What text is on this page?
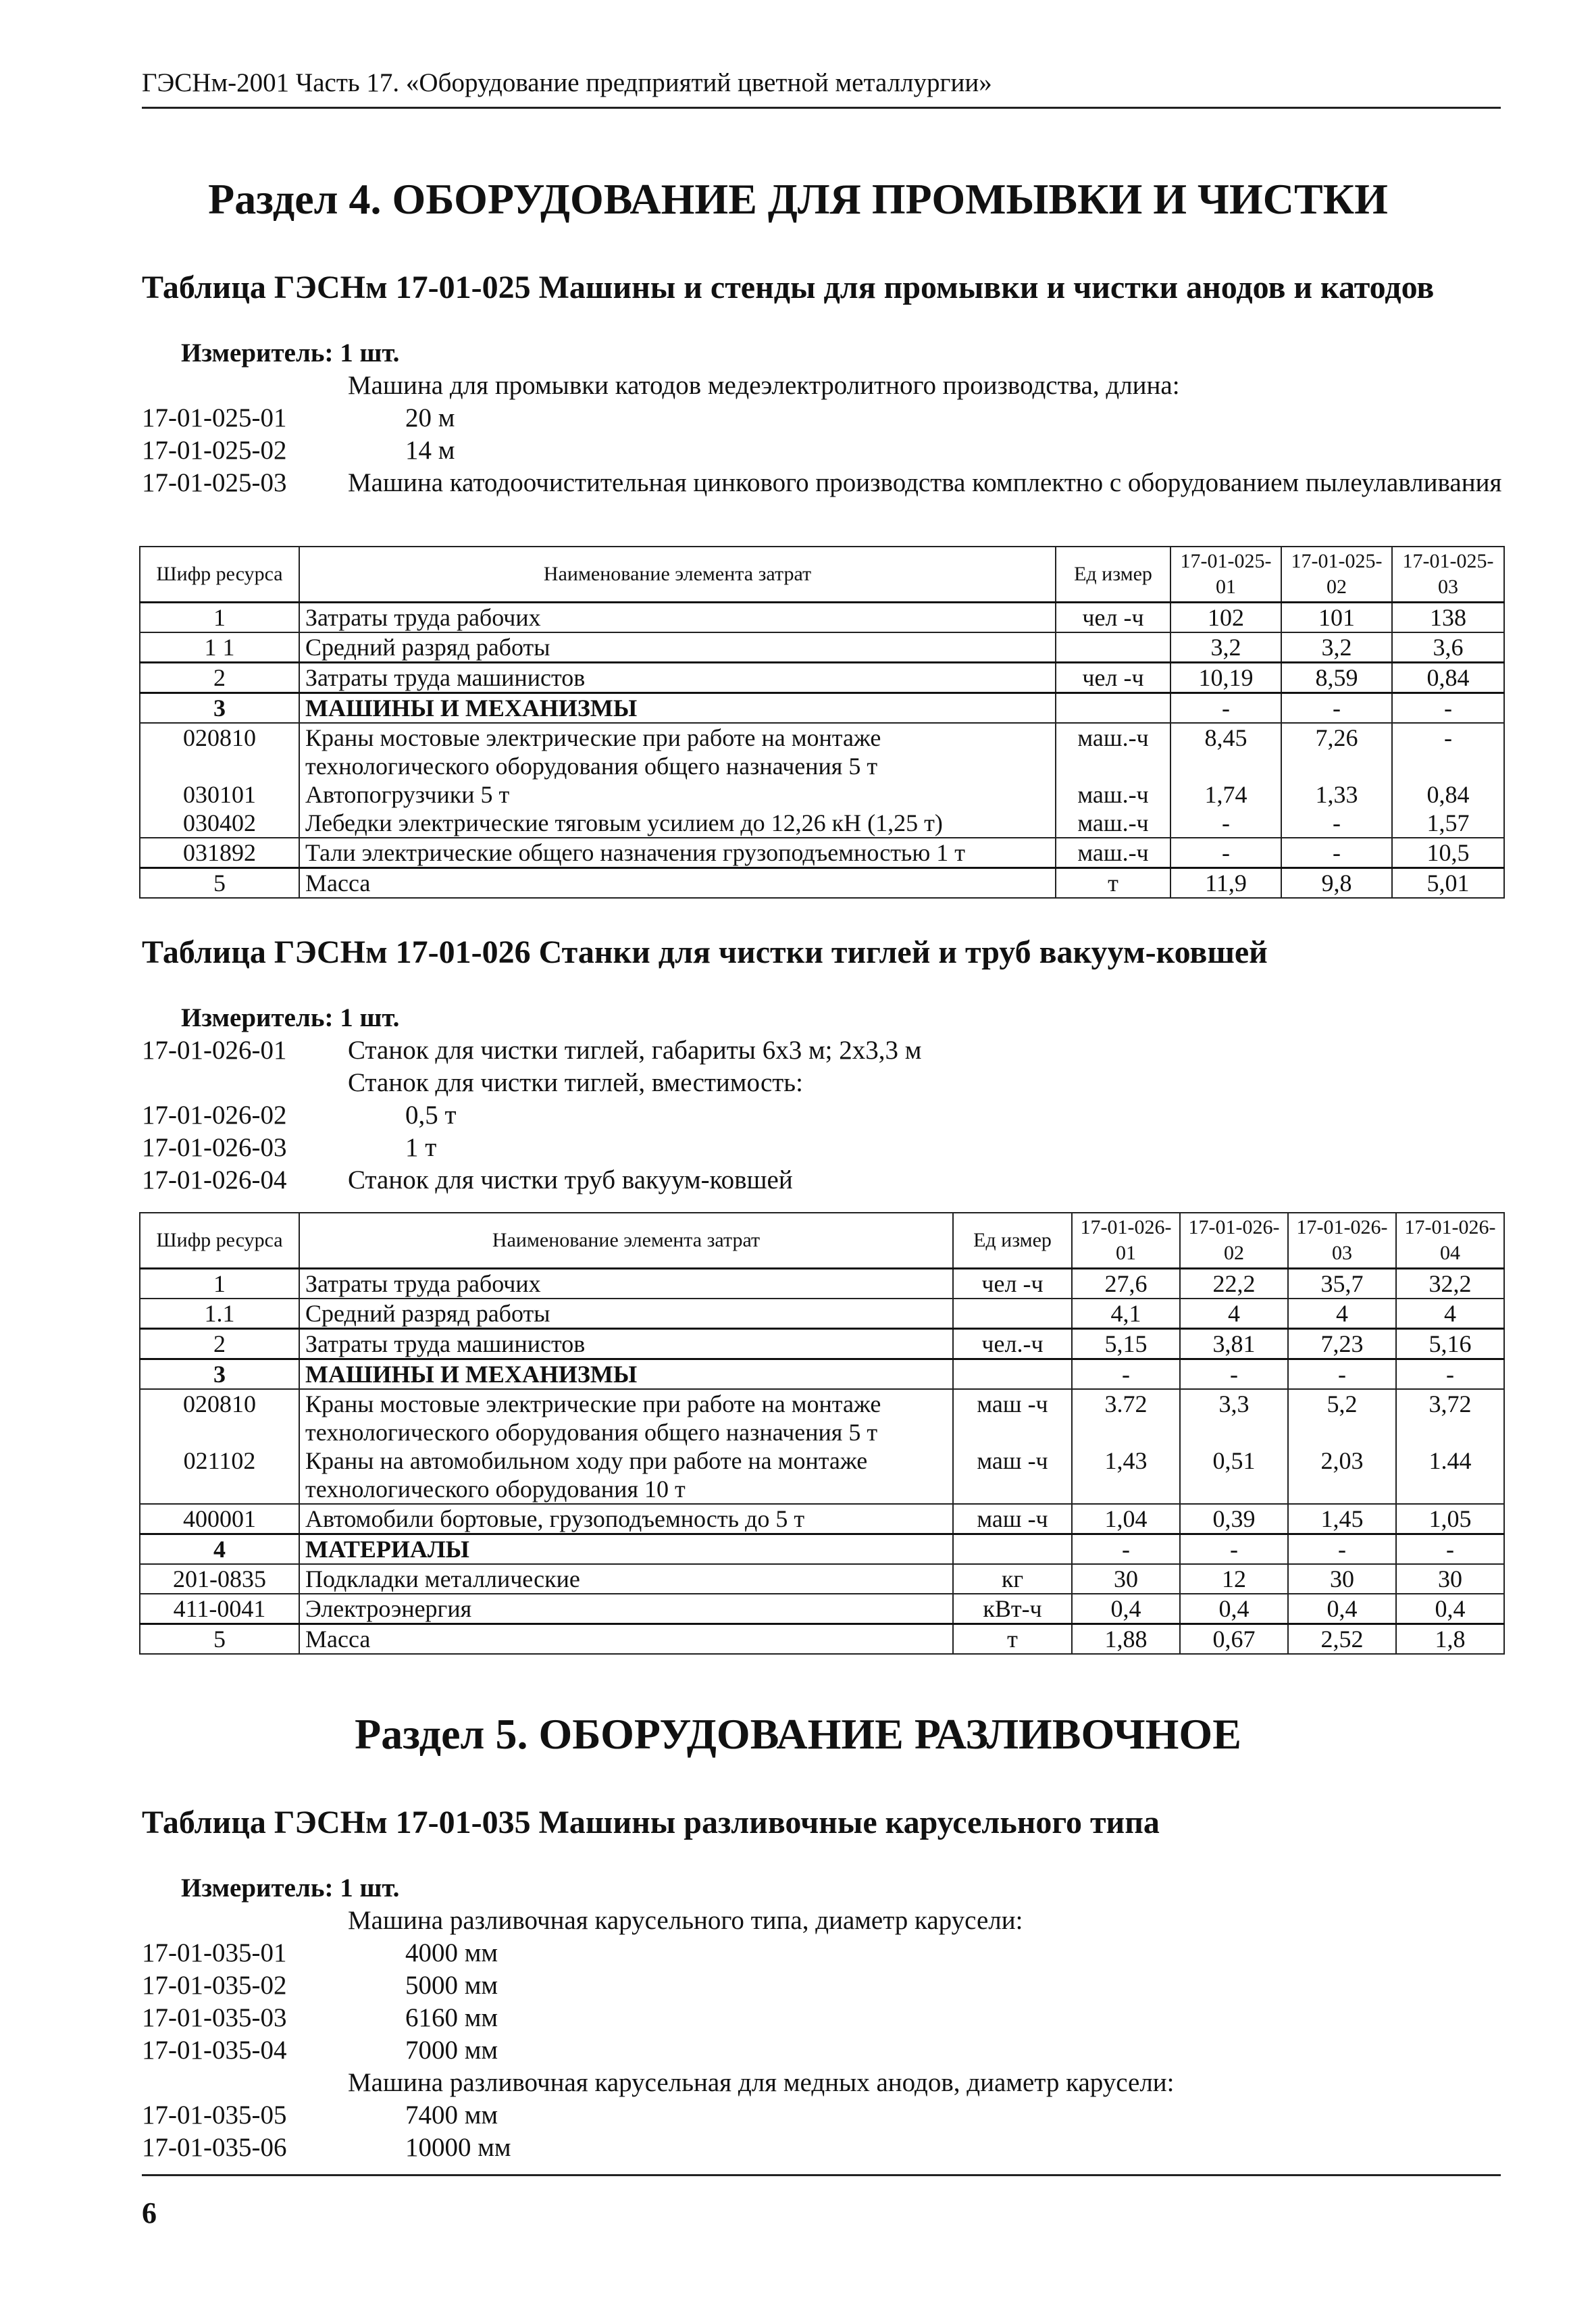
ГЭСНм-2001 Часть 17. «Оборудование предприятий цветной металлургии»
Раздел 4. ОБОРУДОВАНИЕ ДЛЯ ПРОМЫВКИ И ЧИСТКИ
Таблица ГЭСНм 17-01-025 Машины и стенды для промывки и чистки анодов и катодов
Измеритель: 1 шт.
Машина для промывки катодов медеэлектролитного производства, длина:
17-01-025-01	20 м
17-01-025-02	14 м
17-01-025-03 Машина катодоочистительная цинкового производства комплектно с оборудованием пылеулавливания
Шифр ресурса	Наименование элемента затрат	Ед измер	17-01-025-01	17-01-025-02	17-01-025-03
1	Затраты труда рабочих	чел -ч	102	101	138
1 1	Средний разряд работы		3,2	3,2	3,6
2	Затраты труда машинистов	чел -ч	10,19	8,59	0,84
3	МАШИНЫ И МЕХАНИЗМЫ		-	-	-
020810	Краны мостовые электрические при работе на монтаже технологического оборудования общего назначения 5 т	маш.-ч	8,45	7,26	-
030101	Автопогрузчики 5 т	маш.-ч	1,74	1,33	0,84
030402	Лебедки электрические тяговым усилием до 12,26 кН (1,25 т)	маш.-ч	-	-	1,57
031892	Тали электрические общего назначения грузоподъемностью 1 т	маш.-ч	-	-	10,5
5	Масса	т	11,9	9,8	5,01
Таблица ГЭСНм 17-01-026 Станки для чистки тиглей и труб вакуум-ковшей
Измеритель: 1 шт.
17-01-026-01 Станок для чистки тиглей, габариты 6х3 м; 2х3,3 м
Станок для чистки тиглей, вместимость:
17-01-026-02	0,5 т
17-01-026-03	1 т
17-01-026-04 Станок для чистки труб вакуум-ковшей
Шифр ресурса	Наименование элемента затрат	Ед измер	17-01-026-01	17-01-026-02	17-01-026-03	17-01-026-04
1	Затраты труда рабочих	чел -ч	27,6	22,2	35,7	32,2
1.1	Средний разряд работы		4,1	4	4	4
2	Затраты труда машинистов	чел.-ч	5,15	3,81	7,23	5,16
3	МАШИНЫ И МЕХАНИЗМЫ		-	-	-	-
020810	Краны мостовые электрические при работе на монтаже технологического оборудования общего назначения 5 т	маш -ч	3.72	3,3	5,2	3,72
021102	Краны на автомобильном ходу при работе на монтаже технологического оборудования 10 т	маш -ч	1,43	0,51	2,03	1.44
400001	Автомобили бортовые, грузоподъемность до 5 т	маш -ч	1,04	0,39	1,45	1,05
4	МАТЕРИАЛЫ		-	-	-	-
201-0835	Подкладки металлические	кг	30	12	30	30
411-0041	Электроэнергия	кВт-ч	0,4	0,4	0,4	0,4
5	Масса	т	1,88	0,67	2,52	1,8
Раздел 5. ОБОРУДОВАНИЕ РАЗЛИВОЧНОЕ
Таблица ГЭСНм 17-01-035 Машины разливочные карусельного типа
Измеритель: 1 шт.
Машина разливочная карусельного типа, диаметр карусели:
17-01-035-01	4000 мм
17-01-035-02	5000 мм
17-01-035-03	6160 мм
17-01-035-04	7000 мм
Машина разливочная карусельная для медных анодов, диаметр карусели:
17-01-035-05	7400 мм
17-01-035-06	10000 мм
6
